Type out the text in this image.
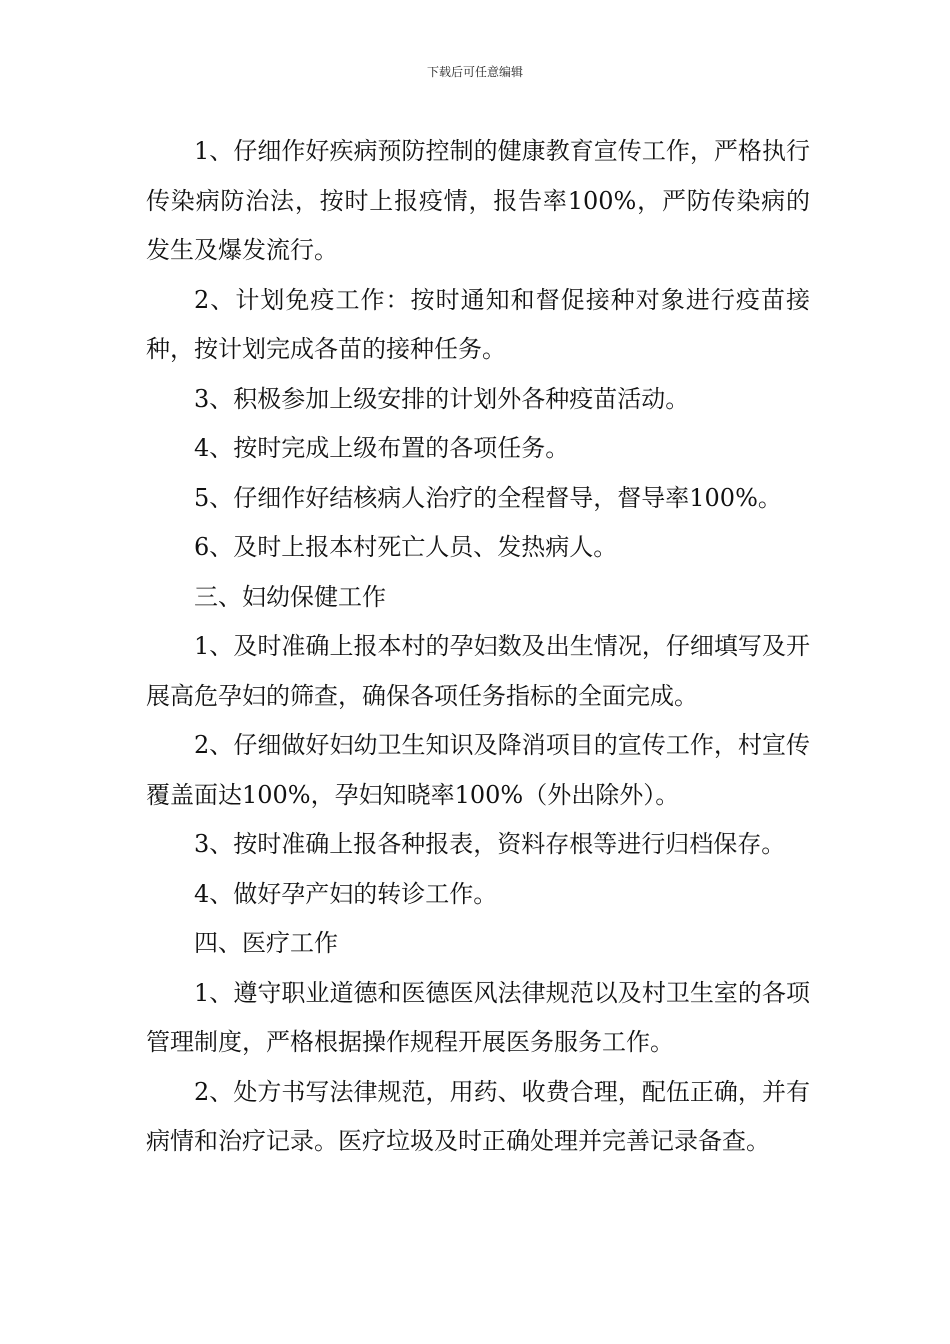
下载后可任意编辑

1、仔细作好疾病预防控制的健康教育宣传工作，严格执行传染病防治法，按时上报疫情，报告率100%，严防传染病的发生及爆发流行。

2、计划免疫工作：按时通知和督促接种对象进行疫苗接种，按计划完成各苗的接种任务。

3、积极参加上级安排的计划外各种疫苗活动。

4、按时完成上级布置的各项任务。

5、仔细作好结核病人治疗的全程督导，督导率100%。

6、及时上报本村死亡人员、发热病人。

三、妇幼保健工作

1、及时准确上报本村的孕妇数及出生情况，仔细填写及开展高危孕妇的筛查，确保各项任务指标的全面完成。

2、仔细做好妇幼卫生知识及降消项目的宣传工作，村宣传覆盖面达100%，孕妇知晓率100%（外出除外）。

3、按时准确上报各种报表，资料存根等进行归档保存。

4、做好孕产妇的转诊工作。

四、医疗工作

1、遵守职业道德和医德医风法律规范以及村卫生室的各项管理制度，严格根据操作规程开展医务服务工作。

2、处方书写法律规范，用药、收费合理，配伍正确，并有病情和治疗记录。医疗垃圾及时正确处理并完善记录备查。
